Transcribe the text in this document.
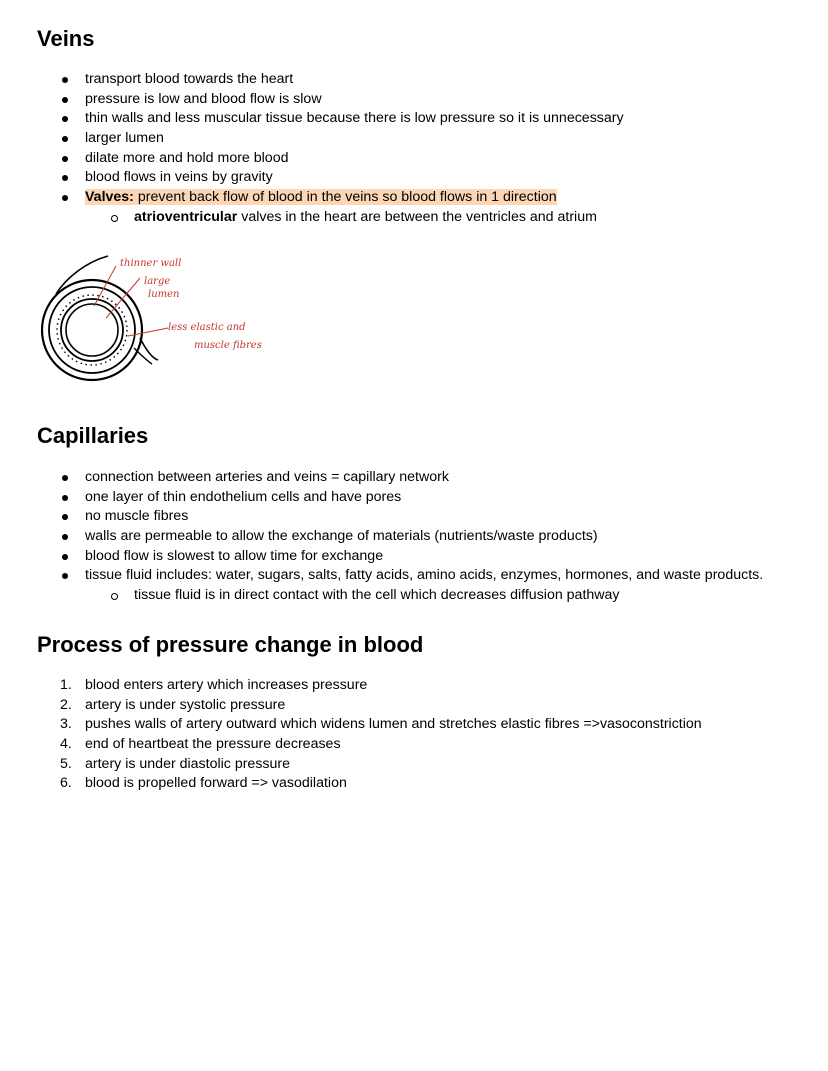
Veins
transport blood towards the heart
pressure is low and blood flow is slow
thin walls and less muscular tissue because there is low pressure so it is unnecessary
larger lumen
dilate more and hold more blood
blood flows in veins by gravity
Valves: prevent back flow of blood in the veins so blood flows in 1 direction
atrioventricular valves in the heart are between the ventricles and atrium
thinner wall
large
lumen
less elastic and
muscle fibres
Capillaries
connection between arteries and veins = capillary network
one layer of thin endothelium cells and have pores
no muscle fibres
walls are permeable to allow the exchange of materials (nutrients/waste products)
blood flow is slowest to allow time for exchange
tissue fluid includes: water, sugars, salts, fatty acids, amino acids, enzymes, hormones, and waste products.
tissue fluid is in direct contact with the cell which decreases diffusion pathway
Process of pressure change in blood
1. blood enters artery which increases pressure
2. artery is under systolic pressure
3. pushes walls of artery outward which widens lumen and stretches elastic fibres =>vasoconstriction
4. end of heartbeat the pressure decreases
5. artery is under diastolic pressure
6. blood is propelled forward => vasodilation
